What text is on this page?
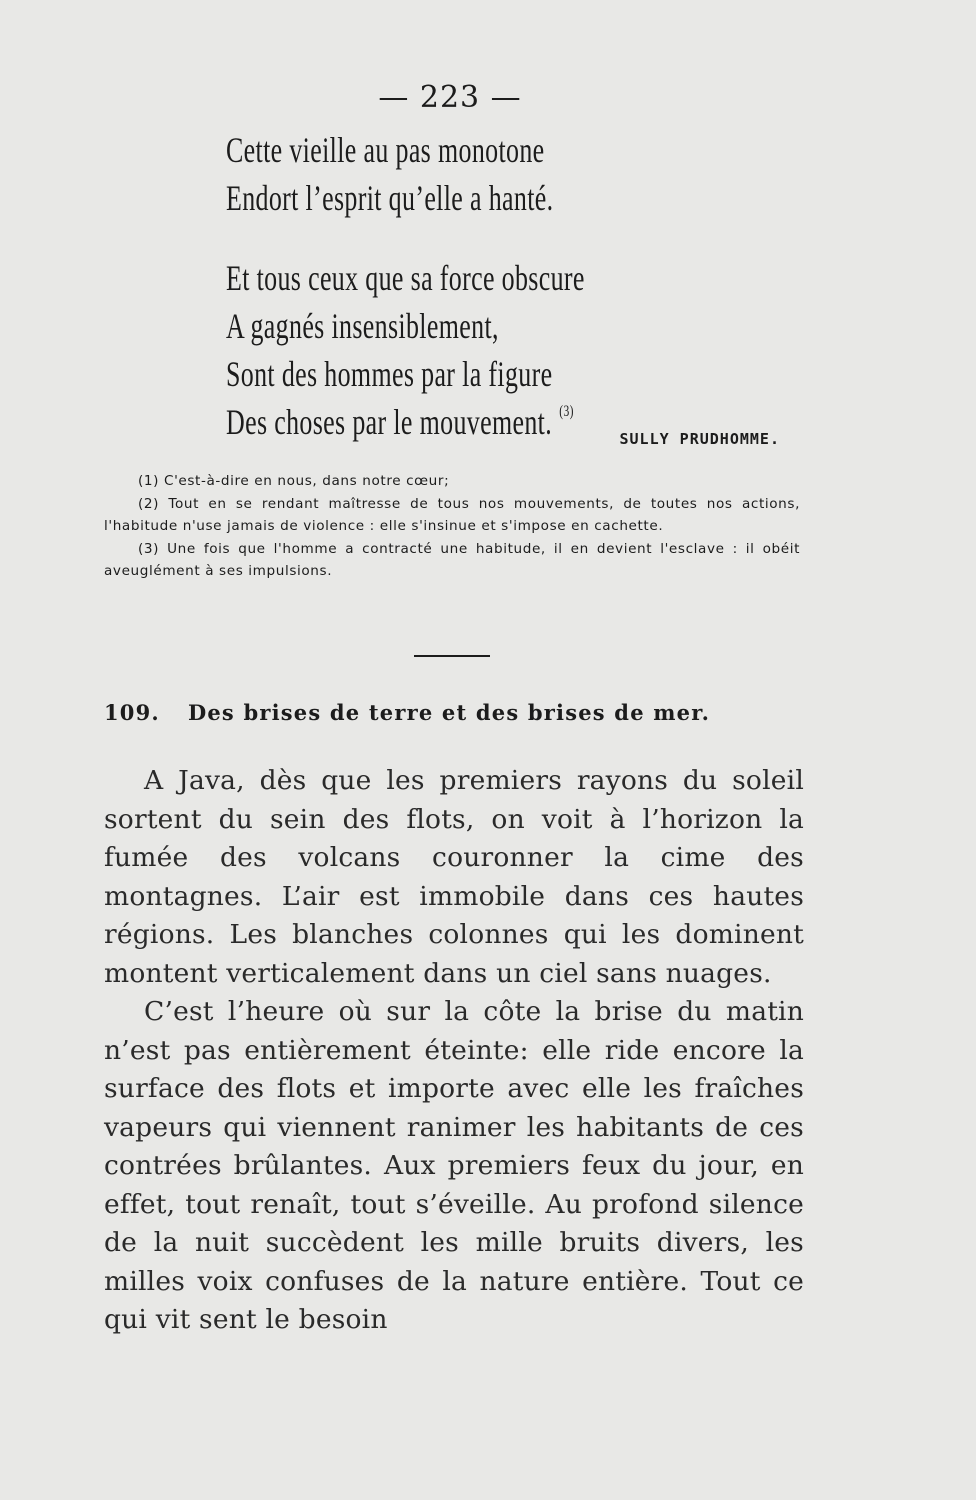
— 223 —
Cette vieille au pas monotone
Endort l’esprit qu’elle a hanté.
Et tous ceux que sa force obscure
A gagnés insensiblement,
Sont des hommes par la figure
Des choses par le mouvement. $^{(3)}$
SULLY PRUDHOMME.

(1) C'est-à-dire en nous, dans notre cœur;

(2) Tout en se rendant maîtresse de tous nos mouvements, de toutes nos actions, l'habitude n'use jamais de violence : elle s'insinue et s'impose en cachette.

(3) Une fois que l'homme a contracté une habitude, il en devient l'esclave : il obéit aveuglément à ses impulsions.

109. Des brises de terre et des brises de mer.

A Java, dès que les premiers rayons du soleil sortent du sein des flots, on voit à l’horizon la fumée des volcans couronner la cime des montagnes. L’air est immobile dans ces hautes régions. Les blanches colonnes qui les dominent montent verticalement dans un ciel sans nuages.

C’est l’heure où sur la côte la brise du matin n’est pas entièrement éteinte: elle ride encore la surface des flots et importe avec elle les fraîches vapeurs qui viennent ranimer les habitants de ces contrées brûlantes. Aux premiers feux du jour, en effet, tout renaît, tout s’éveille. Au profond silence de la nuit succèdent les mille bruits divers, les milles voix confuses de la nature entière. Tout ce qui vit sent le besoin
